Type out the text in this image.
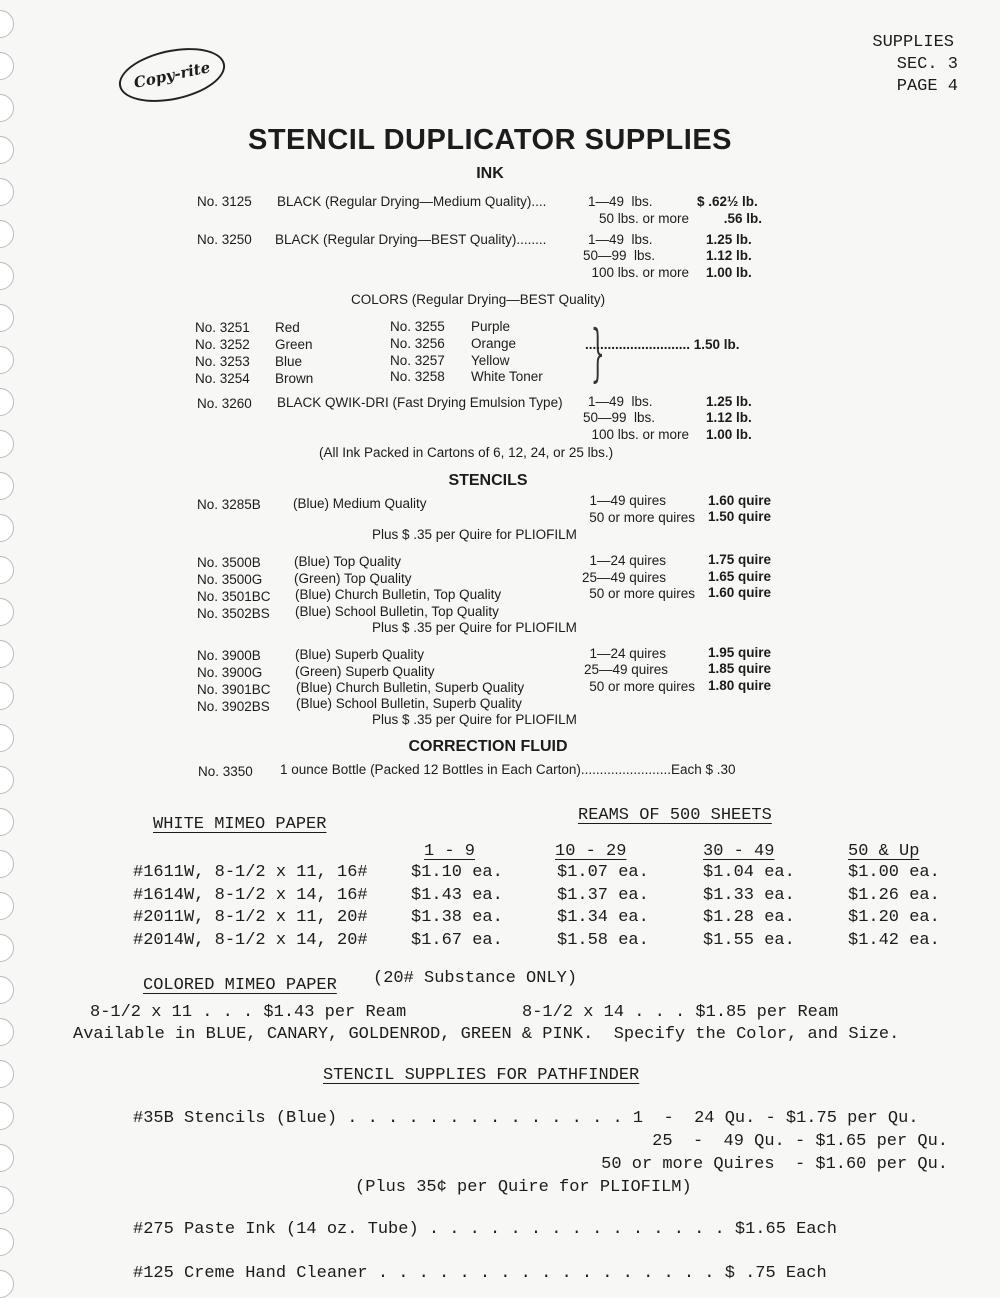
Copy-rite
SUPPLIES
SEC. 3
PAGE 4
STENCIL DUPLICATOR SUPPLIES
INK
No. 3125 BLACK (Regular Drying—Medium Quality)....	1—49  lbs.	$ .62½ lb.
50 lbs. or more	.56 lb.
No. 3250 BLACK (Regular Drying—BEST Quality)........	1—49  lbs.	1.25 lb.
50—99  lbs.	1.12 lb.
100 lbs. or more 1.00 lb.
COLORS (Regular Drying—BEST Quality)
No. 3251 Red	No. 3255 Purple
No. 3252 Green	No. 3256 Orange
No. 3253 Blue	No. 3257 Yellow
No. 3254 Brown	No. 3258 White Toner }
............................ 1.50 lb.
No. 3260 BLACK QWIK-DRI (Fast Drying Emulsion Type) 1—49  lbs.	1.25 lb.
50—99  lbs.	1.12 lb.
100 lbs. or more 1.00 lb.
(All Ink Packed in Cartons of 6, 12, 24, or 25 lbs.)
STENCILS
No. 3285B (Blue) Medium Quality	1—49 quires	1.60 quire
50 or more quires 1.50 quire
Plus $ .35 per Quire for PLIOFILM
No. 3500B (Blue) Top Quality
No. 3500G (Green) Top Quality
No. 3501BC (Blue) Church Bulletin, Top Quality
No. 3502BS (Blue) School Bulletin, Top Quality
1—24 quires	1.75 quire
25—49 quires	1.65 quire
50 or more quires 1.60 quire
Plus $ .35 per Quire for PLIOFILM
No. 3900B	(Blue) Superb Quality
No. 3900G (Green) Superb Quality
No. 3901BC (Blue) Church Bulletin, Superb Quality
No. 3902BS (Blue) School Bulletin, Superb Quality
1—24 quires	1.95 quire
25—49 quires	1.85 quire
50 or more quires 1.80 quire
Plus $ .35 per Quire for PLIOFILM
CORRECTION FLUID
No. 3350 1 ounce Bottle (Packed 12 Bottles in Each Carton)........................Each $ .30
WHITE MIMEO PAPER	REAMS OF 500 SHEETS
1 - 9	10 - 29	30 - 49	50 & Up
#1611W, 8-1/2 x 11, 16#	$1.10 ea.	$1.07 ea.	$1.04 ea.	$1.00 ea.
#1614W, 8-1/2 x 14, 16#	$1.43 ea.	$1.37 ea.	$1.33 ea.	$1.26 ea.
#2011W, 8-1/2 x 11, 20#	$1.38 ea.	$1.34 ea.	$1.28 ea.	$1.20 ea.
#2014W, 8-1/2 x 14, 20#	$1.67 ea.	$1.58 ea.	$1.55 ea.	$1.42 ea.
COLORED MIMEO PAPER (20# Substance ONLY)
8-1/2 x 11 . . . $1.43 per Ream	8-1/2 x 14 . . . $1.85 per Ream
Available in BLUE, CANARY, GOLDENROD, GREEN & PINK.  Specify the Color, and Size.
STENCIL SUPPLIES FOR PATHFINDER
#35B Stencils (Blue) . . . . . . . . . . . . . . 1  -  24 Qu. - $1.75 per Qu.
25  -  49 Qu. - $1.65 per Qu.
50 or more Quires  - $1.60 per Qu.
(Plus 35¢ per Quire for PLIOFILM)
#275 Paste Ink (14 oz. Tube) . . . . . . . . . . . . . . . $1.65 Each
#125 Creme Hand Cleaner . . . . . . . . . . . . . . . . . $ .75 Each
